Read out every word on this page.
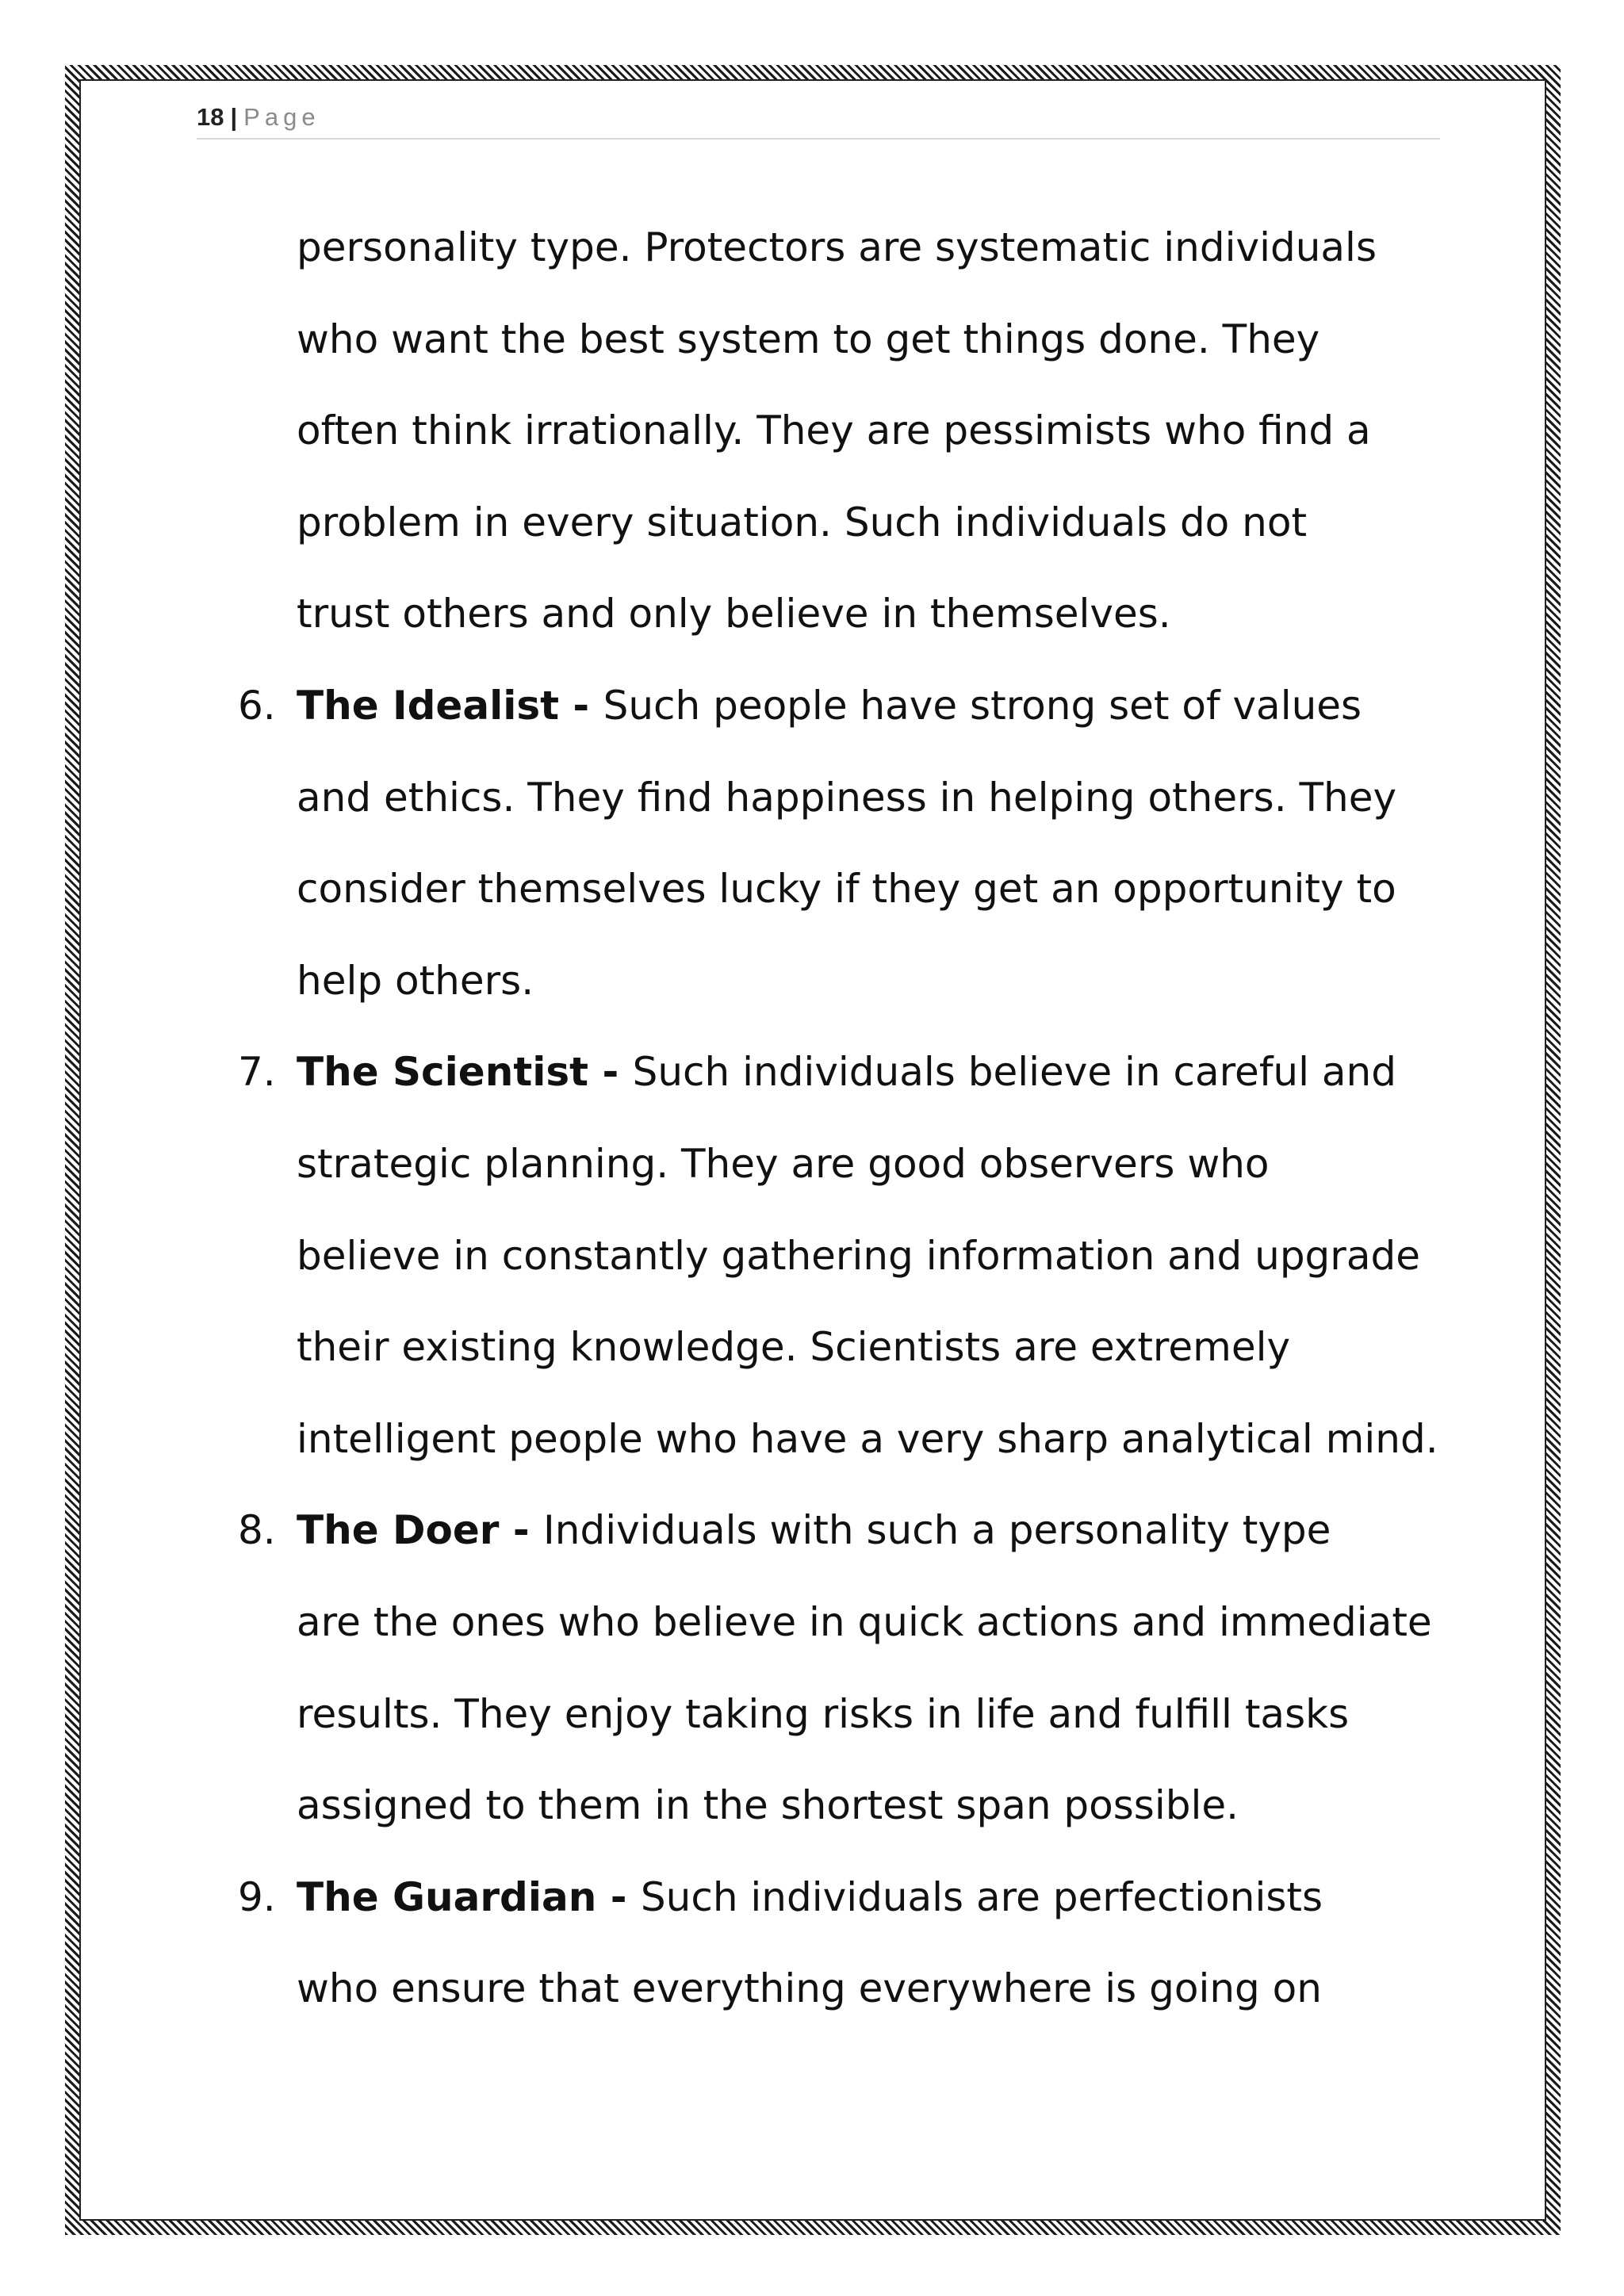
18 | Page
personality type. Protectors are systematic individuals
who want the best system to get things done. They
often think irrationally. They are pessimists who find a
problem in every situation. Such individuals do not
trust others and only believe in themselves.
6. The Idealist - Such people have strong set of values
and ethics. They find happiness in helping others. They
consider themselves lucky if they get an opportunity to
help others.
7. The Scientist - Such individuals believe in careful and
strategic planning. They are good observers who
believe in constantly gathering information and upgrade
their existing knowledge. Scientists are extremely
intelligent people who have a very sharp analytical mind.
8. The Doer - Individuals with such a personality type
are the ones who believe in quick actions and immediate
results. They enjoy taking risks in life and fulfill tasks
assigned to them in the shortest span possible.
9. The Guardian - Such individuals are perfectionists
who ensure that everything everywhere is going on
